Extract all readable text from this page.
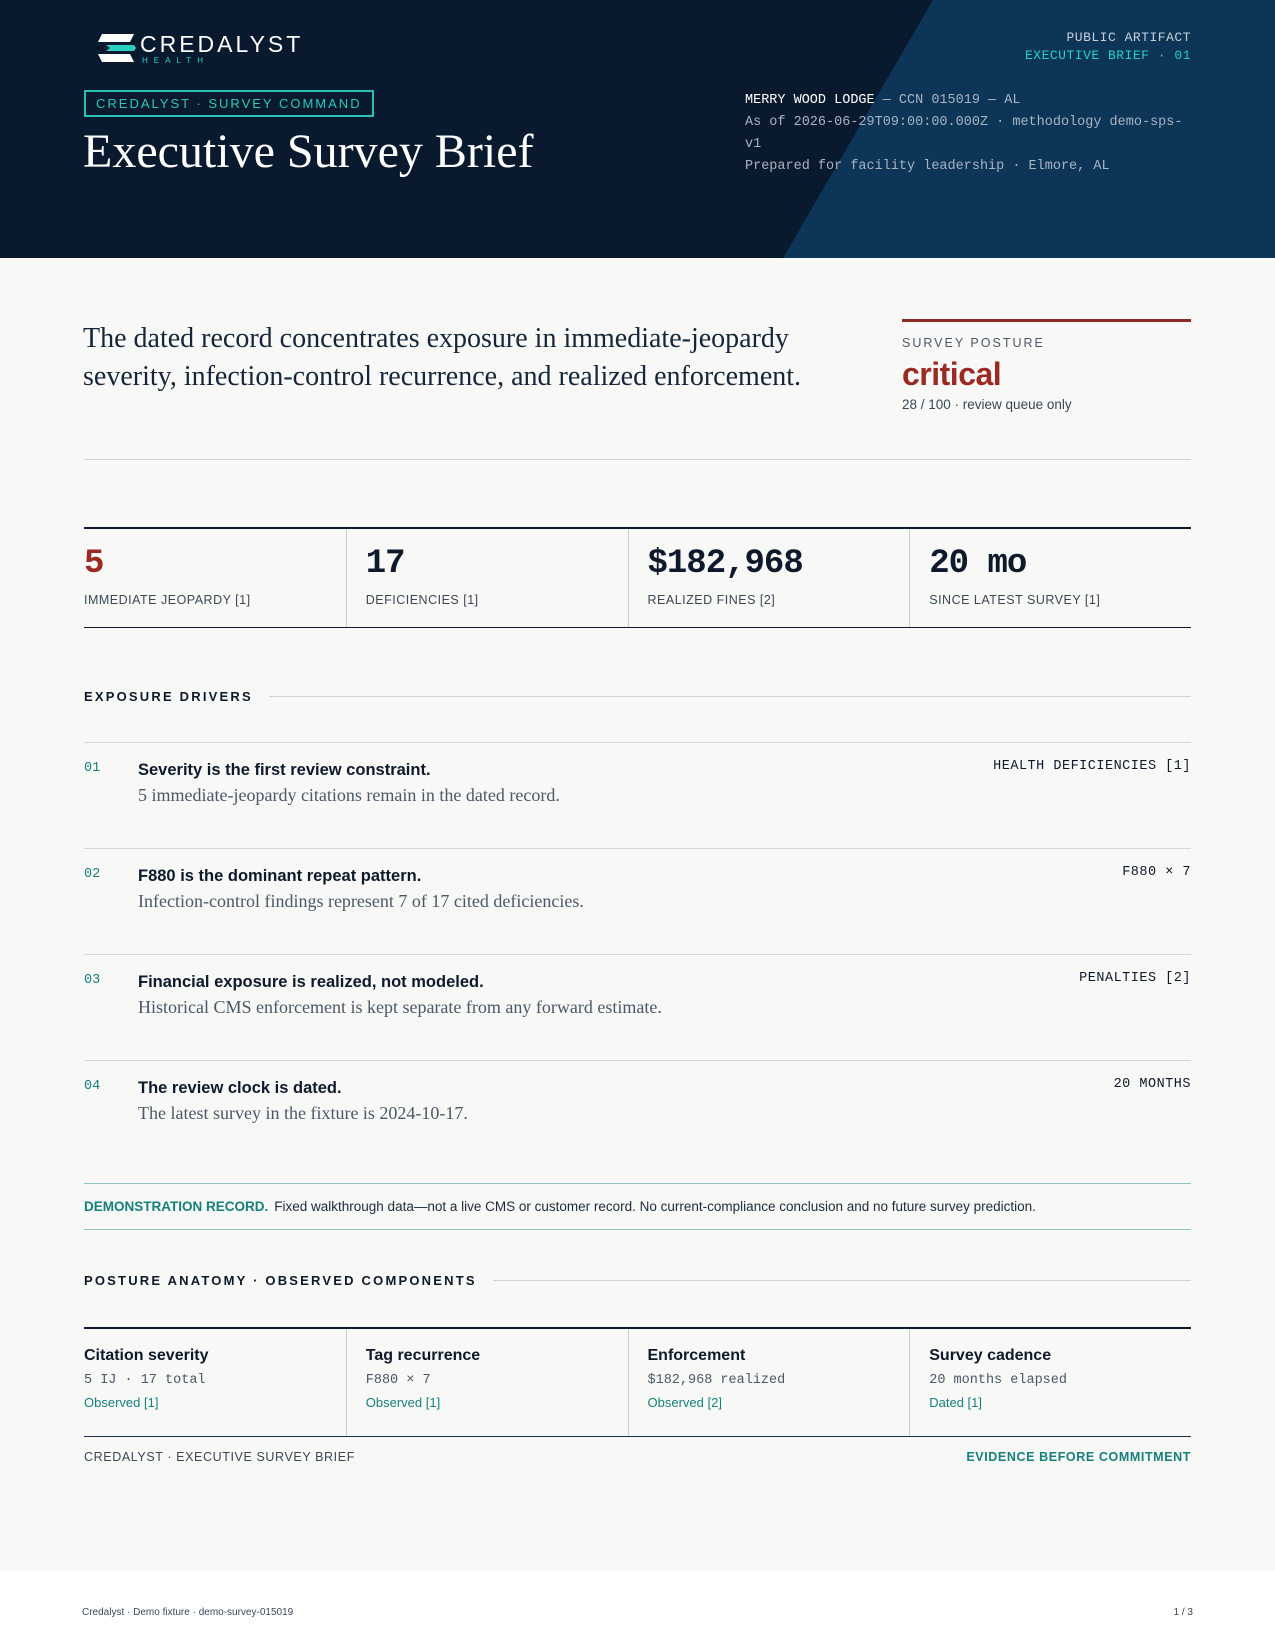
CREDALYST
HEALTH
CREDALYST · SURVEY COMMAND
Executive Survey Brief
PUBLIC ARTIFACT
EXECUTIVE BRIEF · 01
MERRY WOOD LODGE — CCN 015019 — AL
As of 2026-06-29T09:00:00.000Z · methodology demo-sps-v1
Prepared for facility leadership · Elmore, AL

The dated record concentrates exposure in immediate-jeopardy severity, infection-control recurrence, and realized enforcement.

SURVEY POSTURE
critical
28 / 100 · review queue only
5
IMMEDIATE JEOPARDY [1]
17
DEFICIENCIES [1]
$182,968
REALIZED FINES [2]
20 mo
SINCE LATEST SURVEY [1]
EXPOSURE DRIVERS
01 Severity is the first review constraint.
5 immediate-jeopardy citations remain in the dated record.
HEALTH DEFICIENCIES [1]
02 F880 is the dominant repeat pattern.
Infection-control findings represent 7 of 17 cited deficiencies.
F880 × 7
03 Financial exposure is realized, not modeled.
Historical CMS enforcement is kept separate from any forward estimate.
PENALTIES [2]
04 The review clock is dated.
The latest survey in the fixture is 2024-10-17.
20 MONTHS
DEMONSTRATION RECORD. Fixed walkthrough data—not a live CMS or customer record. No current-compliance conclusion and no future survey prediction.
POSTURE ANATOMY · OBSERVED COMPONENTS
Citation severity
5 IJ · 17 total
Observed [1]
Tag recurrence
F880 × 7
Observed [1]
Enforcement
$182,968 realized
Observed [2]
Survey cadence
20 months elapsed
Dated [1]
CREDALYST · EXECUTIVE SURVEY BRIEF	EVIDENCE BEFORE COMMITMENT
Credalyst · Demo fixture · demo-survey-015019	1 / 3
